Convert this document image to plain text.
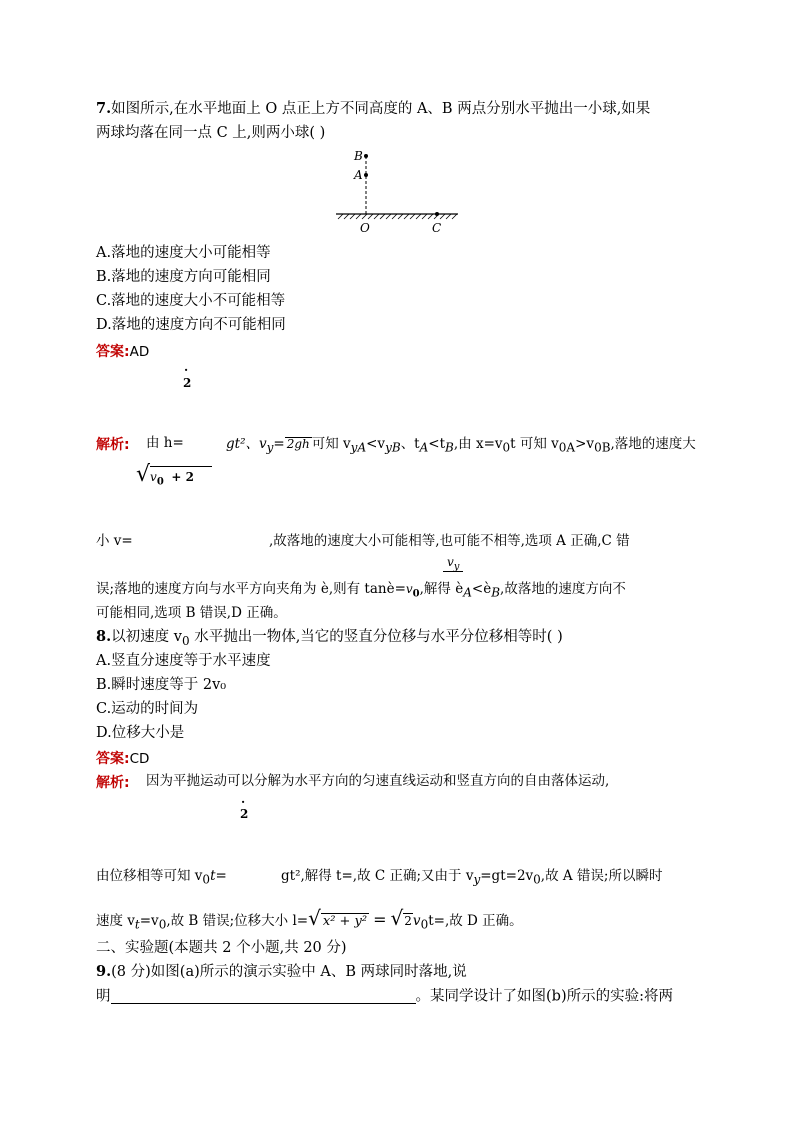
7.如图所示,在水平地面上 O 点正上方不同高度的 A、B 两点分别水平抛出一小球,如果
两球均落在同一点 C 上,则两小球( )
B
A
O	C
A.落地的速度大小可能相等
B.落地的速度方向可能相同
C.落地的速度大小不可能相等
D.落地的速度方向不可能相同
答案:AD
·
2
解析: 由 h=	gt²、$v_y= 2gh$ 可知 $v_{yA}<v_{yB}$、$t_A<t_B$,由 $x=v_0t$ 可知 $v_{0A}>v_{0B}$,落地的速度大
$√v_0 + 2$
小 v=	,故落地的速度大小可能相等,也可能不相等,选项 A 正确,C 错
$v_y$
误;落地的速度方向与水平方向夹角为 è,则有 $\tan è=v_0$,解得 $è_A<è_B$,故落地的速度方向不
可能相同,选项 B 错误,D 正确。
8.以初速度 $v_0$ 水平抛出一物体,当它的竖直分位移与水平分位移相等时( )
A.竖直分速度等于水平速度
B.瞬时速度等于 2v₀
C.运动的时间为
D.位移大小是
答案:CD
解析: 因为平抛运动可以分解为水平方向的匀速直线运动和竖直方向的自由落体运动,
·
2
由位移相等可知 $v_0t=$	gt²,解得 t=,故 C 正确;又由于 $v_y=gt=2v_0$,故 A 错误;所以瞬时
速度 $v_t=v_0$,故 B 错误;位移大小 l=√ $x^2 + y^2 = √2v_0t=$,故 D 正确。
二、实验题(本题共 2 个小题,共 20 分)
9.(8 分)如图(a)所示的演示实验中 A、B 两球同时落地,说
明	。某同学设计了如图(b)所示的实验:将两
